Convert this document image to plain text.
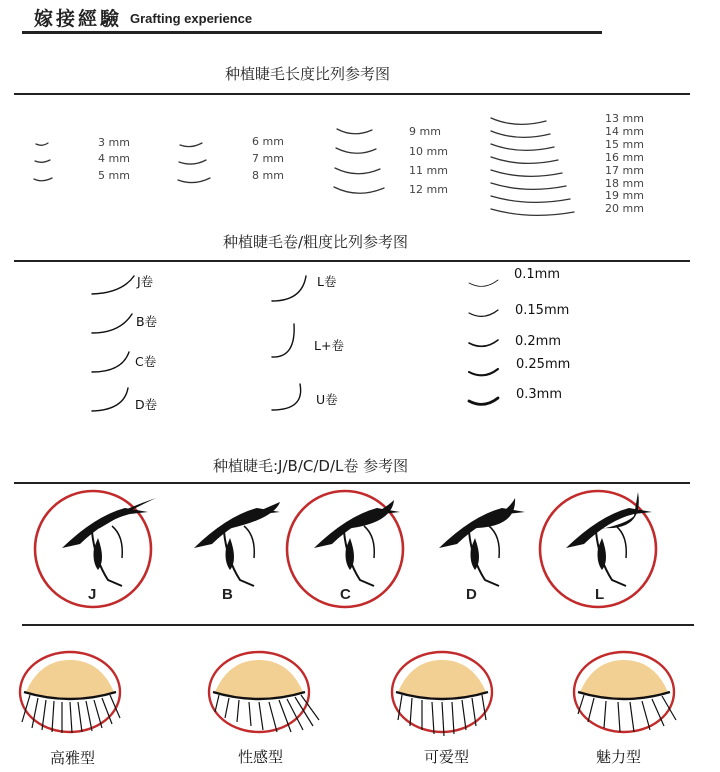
嫁接經驗 Grafting experience
种植睫毛长度比列参考图
3 mm
4 mm
5 mm
6 mm
7 mm
8 mm
9 mm
10 mm
11 mm
12 mm
13 mm
14 mm
15 mm
16 mm
17 mm
18 mm
19 mm
20 mm
种植睫毛卷/粗度比列参考图
J卷
B卷
C卷
D卷
L卷
L+卷
U卷
0.1mm
0.15mm
0.2mm
0.25mm
0.3mm
种植睫毛:J/B/C/D/L卷 参考图
J	B	C	D	L
高雅型	性感型	可爱型	魅力型
